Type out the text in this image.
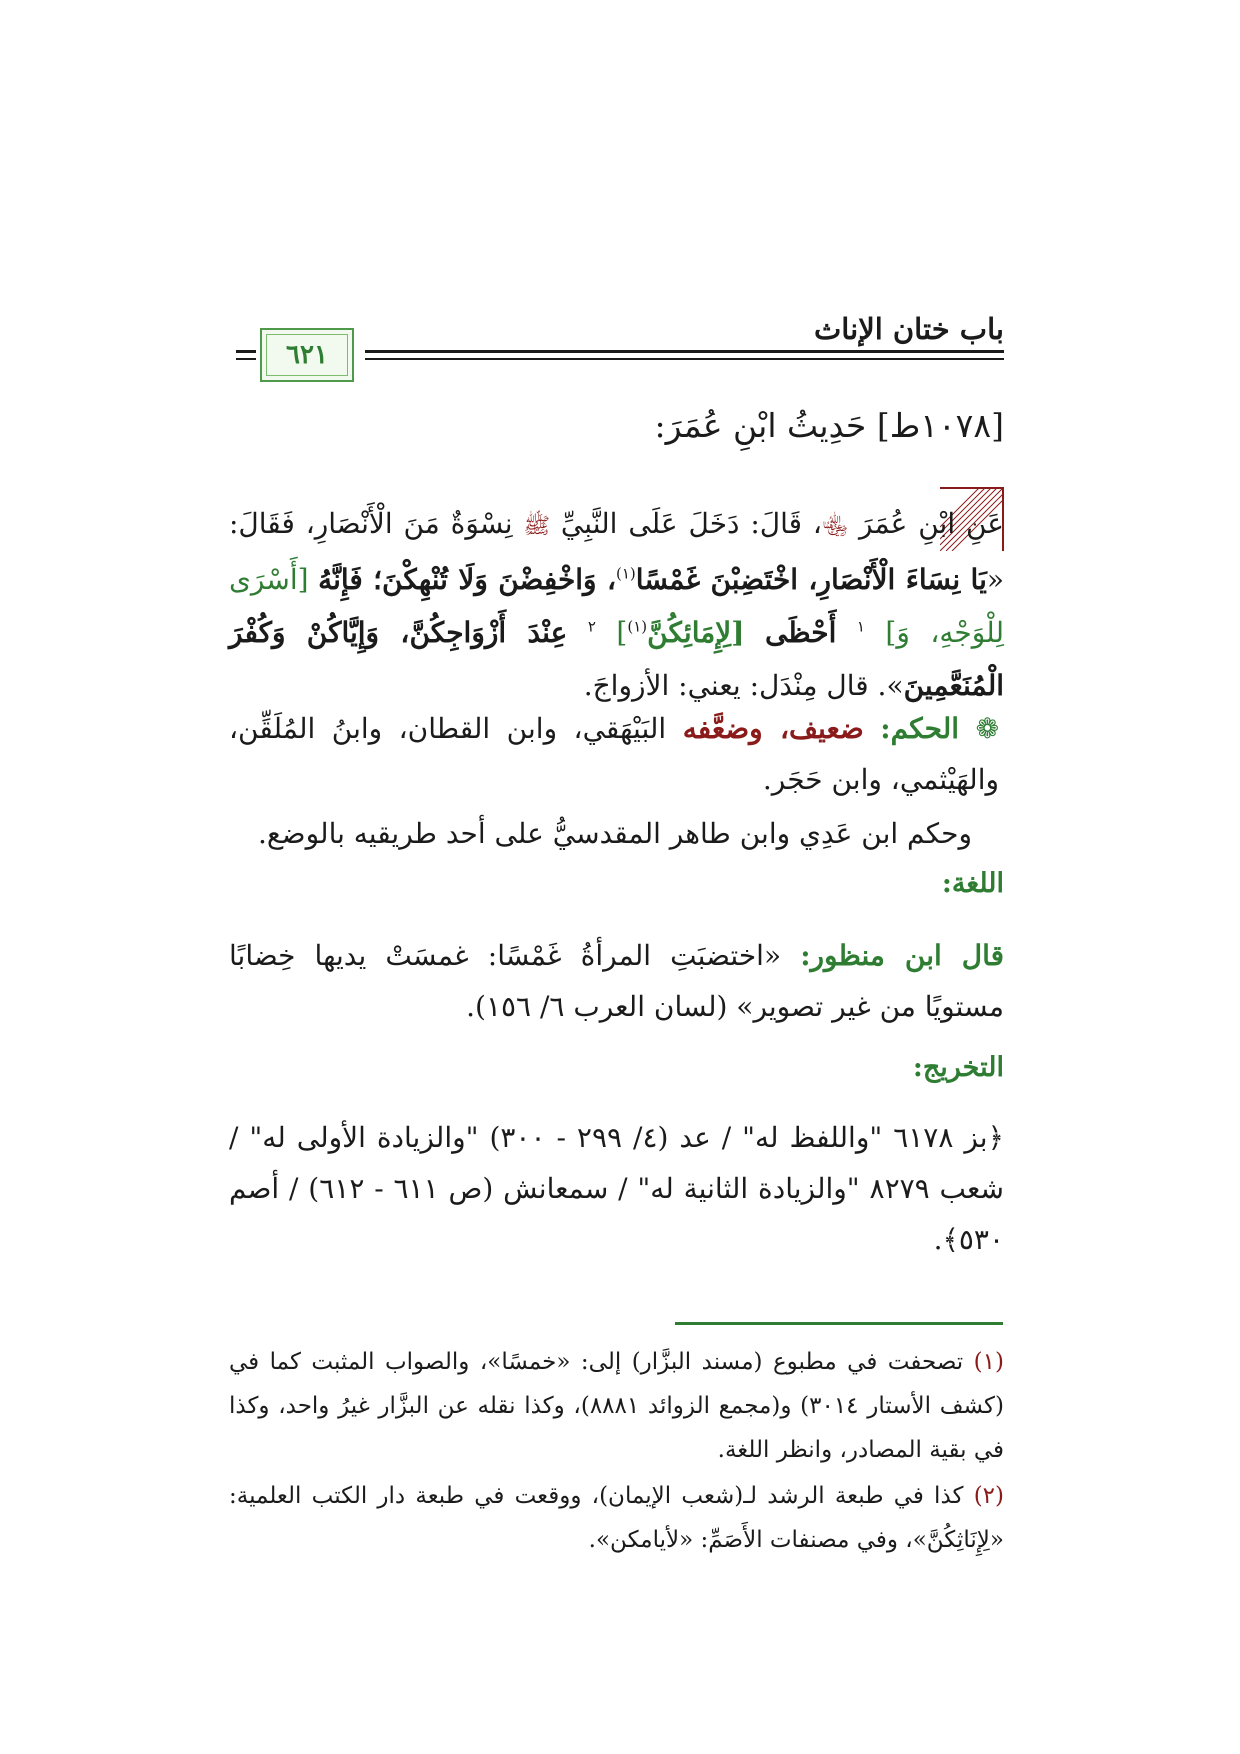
باب ختان الإناث
٦٢١
[١٠٧٨ط] حَدِيثُ ابْنِ عُمَرَ:
عَنِ ابْنِ عُمَرَ ﵄، قَالَ: دَخَلَ عَلَى النَّبِيِّ ﷺ نِسْوَةٌ مَنَ الْأَنْصَارِ، فَقَالَ: «يَا نِسَاءَ الْأَنْصَارِ، اخْتَضِبْنَ غَمْسًا$^{(١)}$، وَاخْفِضْنَ وَلَا تُنْهِكْنَ؛ فَإِنَّهُ [أَسْرَى لِلْوَجْهِ، وَ] $^١$ أَحْظَى [لِإِمَائِكُنَّ$^{(١)}$] $^٢$ عِنْدَ أَزْوَاجِكُنَّ، وَإِيَّاكُنْ وَكُفْرَ الْمُنَعَّمِينَ». قال مِنْدَل: يعني: الأزواجَ.
❁ الحكم: ضعيف، وضعَّفه البَيْهَقي، وابن القطان، وابنُ المُلَقِّن، والهَيْثمي، وابن حَجَر.
وحكم ابن عَدِي وابن طاهر المقدسيُّ على أحد طريقيه بالوضع.
اللغة:
قال ابن منظور: «اختضبَتِ المرأةُ غَمْسًا: غمسَتْ يديها خِضابًا مستويًا من غير تصوير» (لسان العرب ٦/ ١٥٦).
التخريج:
﴿بز ٦١٧٨ "واللفظ له" / عد (٤/ ٢٩٩ - ٣٠٠) "والزيادة الأولى له" / شعب ٨٢٧٩ "والزيادة الثانية له" / سمعانش (ص ٦١١ - ٦١٢) / أصم ٥٣٠﴾.
(١) تصحفت في مطبوع (مسند البزَّار) إلى: «خمسًا»، والصواب المثبت كما في (كشف الأستار ٣٠١٤) و(مجمع الزوائد ٨٨٨١)، وكذا نقله عن البزَّار غيرُ واحد، وكذا في بقية المصادر، وانظر اللغة.
(٢) كذا في طبعة الرشد لـ(شعب الإيمان)، ووقعت في طبعة دار الكتب العلمية: «لِإِنَاثِكُنَّ»، وفي مصنفات الأَصَمِّ: «لأيامكن».
